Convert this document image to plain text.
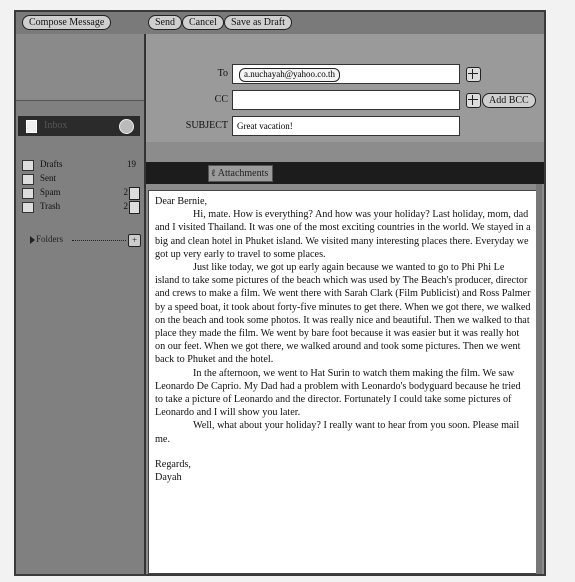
Compose Message	Send	Cancel	Save as Draft
Inbox
Drafts	19
Sent
Spam	2
Trash	2
Folders	+
To	a.nuchayah@yahoo.co.th
CC	Add BCC
SUBJECT	Great vacation!
ℓ Attachments

Dear Bernie,

Hi, mate. How is everything? And how was your holiday? Last holiday, mom, dad and I visited Thailand. It was one of the most exciting countries in the world. We stayed in a big and clean hotel in Phuket island. We visited many interesting places there. Everyday we got up very early to travel to some places.

Just like today, we got up early again because we wanted to go to Phi Phi Le island to take some pictures of the beach which was used by The Beach's producer, director and crews to make a film. We went there with Sarah Clark (Film Publicist) and Ross Palmer by a speed boat, it took about forty-five minutes to get there. When we got there, we walked on the beach and took some photos. It was really nice and beautiful. Then we walked to that place they made the film. We went by bare foot because it was easier but it was really hot on our feet. When we got there, we walked around and took some pictures. Then we went back to Phuket and the hotel.

In the afternoon, we went to Hat Surin to watch them making the film. We saw Leonardo De Caprio. My Dad had a problem with Leonardo's bodyguard because he tried to take a picture of Leonardo and the director. Fortunately I could take some pictures of Leonardo and I will show you later.

Well, what about your holiday? I really want to hear from you soon. Please mail me.

Regards,

Dayah
